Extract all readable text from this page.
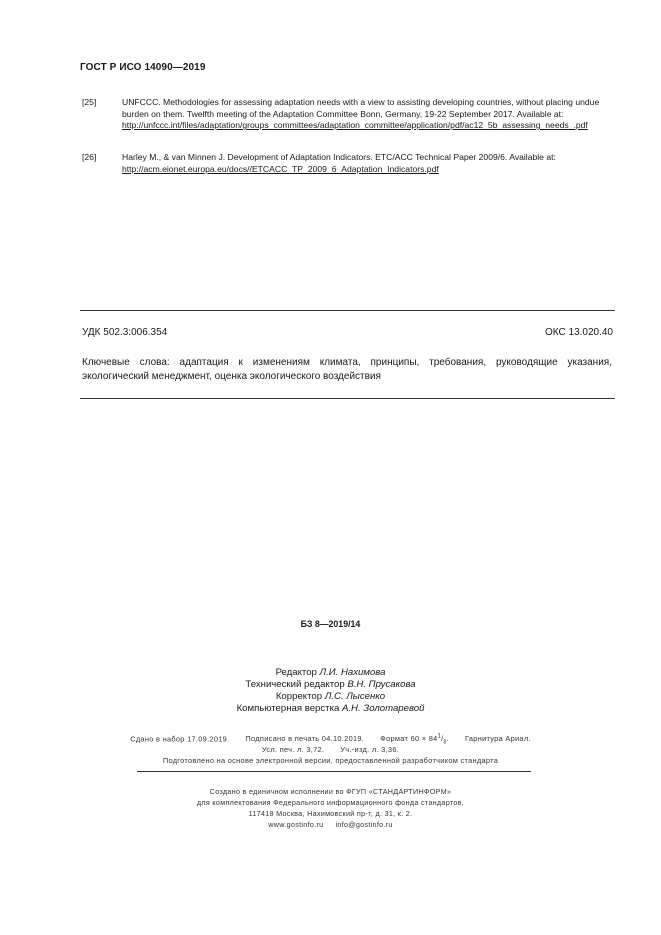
ГОСТ Р ИСО 14090—2019
[25]	UNFCCC. Methodologies for assessing adaptation needs with a view to assisting developing countries, without placing undue burden on them. Twelfth meeting of the Adaptation Committee Bonn, Germany, 19-22 September 2017. Available at: http://unfccc.int/files/adaptation/groups_committees/adaptation_committee/application/pdf/ac12_5b_assessing_needs_.pdf
[26]	Harley M., & van Minnen J. Development of Adaptation Indicators. ETC/ACC Technical Paper 2009/6. Available at: http://acm.eionet.europa.eu/docs//ETCACC_TP_2009_6_Adaptation_Indicators.pdf
УДК 502.3:006.354	ОКС 13.020.40
Ключевые слова: адаптация к изменениям климата, принципы, требования, руководящие указания, экологический менеджмент, оценка экологического воздействия
БЗ 8—2019/14
Редактор Л.И. Нахимова
Технический редактор В.Н. Прусакова
Корректор Л.С. Лысенко
Компьютерная верстка А.Н. Золотаревой
Сдано в набор 17.09.2019. Подписано в печать 04.10.2019. Формат $60 \times 84^1/_8$. Гарнитура Ариал.
Усл. печ. л. 3,72. Уч.-изд. л. 3,36.
Подготовлено на основе электронной версии, предоставленной разработчиком стандарта
Создано в единичном исполнении во ФГУП «СТАНДАРТИНФОРМ»
для комплектования Федерального информационного фонда стандартов,
117418 Москва, Нахимовский пр-т, д. 31, к. 2.
www.gostinfo.ru info@gostinfo.ru
